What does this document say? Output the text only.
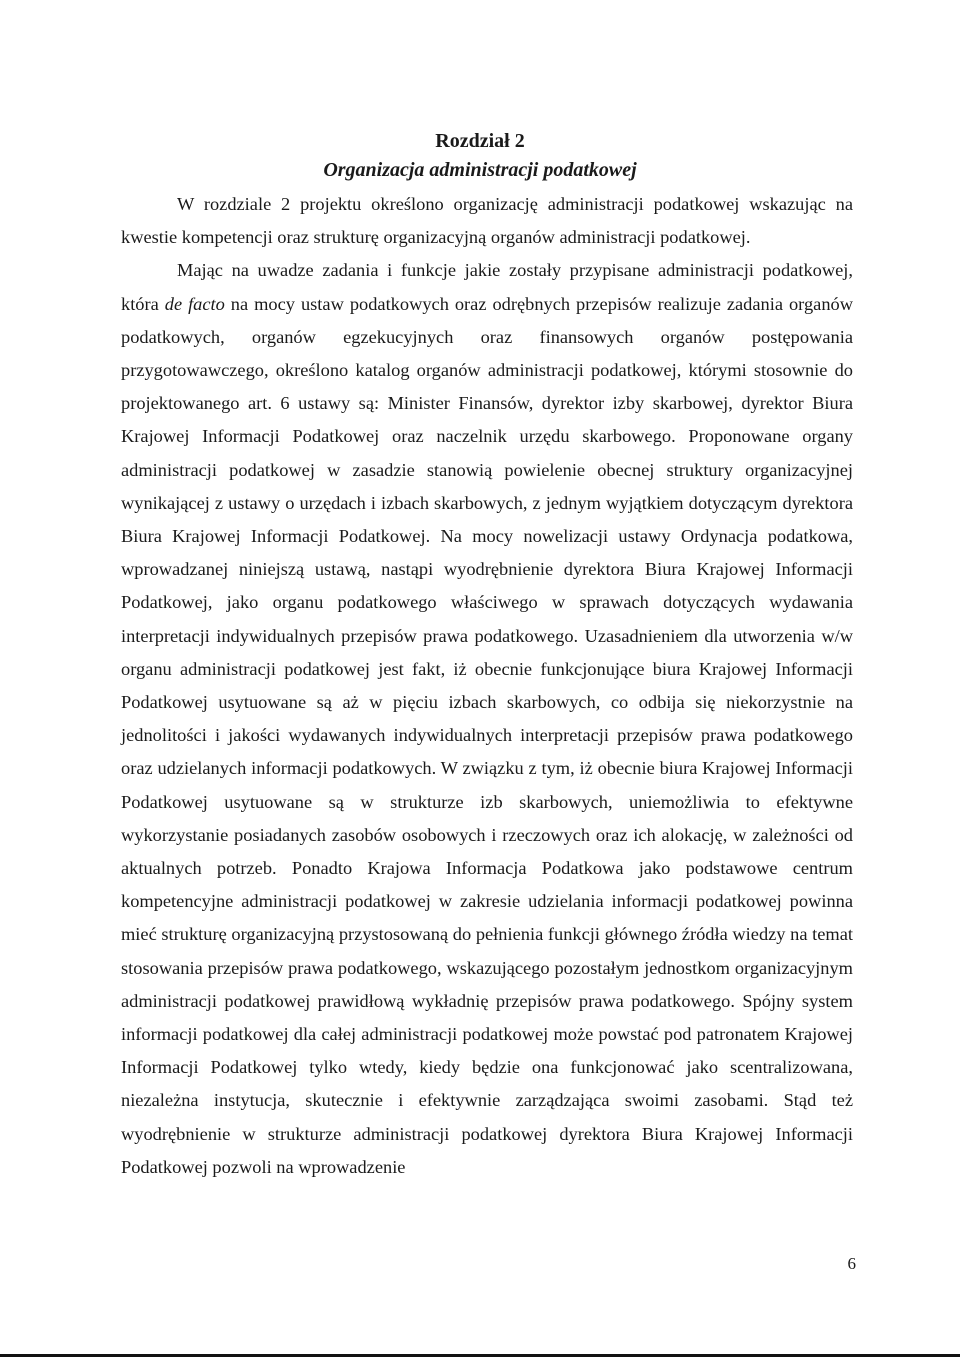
Rozdział 2
Organizacja administracji podatkowej

W rozdziale 2 projektu określono organizację administracji podatkowej wskazując na kwestie kompetencji oraz strukturę organizacyjną organów administracji podatkowej.

Mając na uwadze zadania i funkcje jakie zostały przypisane administracji podatkowej, która de facto na mocy ustaw podatkowych oraz odrębnych przepisów realizuje zadania organów podatkowych, organów egzekucyjnych oraz finansowych organów postępowania przygotowawczego, określono katalog organów administracji podatkowej, którymi stosownie do projektowanego art. 6 ustawy są: Minister Finansów, dyrektor izby skarbowej, dyrektor Biura Krajowej Informacji Podatkowej oraz naczelnik urzędu skarbowego. Proponowane organy administracji podatkowej w zasadzie stanowią powielenie obecnej struktury organizacyjnej wynikającej z ustawy o urzędach i izbach skarbowych, z jednym wyjątkiem dotyczącym dyrektora Biura Krajowej Informacji Podatkowej. Na mocy nowelizacji ustawy Ordynacja podatkowa, wprowadzanej niniejszą ustawą, nastąpi wyodrębnienie dyrektora Biura Krajowej Informacji Podatkowej, jako organu podatkowego właściwego w sprawach dotyczących wydawania interpretacji indywidualnych przepisów prawa podatkowego. Uzasadnieniem dla utworzenia w/w organu administracji podatkowej jest fakt, iż obecnie funkcjonujące biura Krajowej Informacji Podatkowej usytuowane są aż w pięciu izbach skarbowych, co odbija się niekorzystnie na jednolitości i jakości wydawanych indywidualnych interpretacji przepisów prawa podatkowego oraz udzielanych informacji podatkowych. W związku z tym, iż obecnie biura Krajowej Informacji Podatkowej usytuowane są w strukturze izb skarbowych, uniemożliwia to efektywne wykorzystanie posiadanych zasobów osobowych i rzeczowych oraz ich alokację, w zależności od aktualnych potrzeb. Ponadto Krajowa Informacja Podatkowa jako podstawowe centrum kompetencyjne administracji podatkowej w zakresie udzielania informacji podatkowej powinna mieć strukturę organizacyjną przystosowaną do pełnienia funkcji głównego źródła wiedzy na temat stosowania przepisów prawa podatkowego, wskazującego pozostałym jednostkom organizacyjnym administracji podatkowej prawidłową wykładnię przepisów prawa podatkowego. Spójny system informacji podatkowej dla całej administracji podatkowej może powstać pod patronatem Krajowej Informacji Podatkowej tylko wtedy, kiedy będzie ona funkcjonować jako scentralizowana, niezależna instytucja, skutecznie i efektywnie zarządzająca swoimi zasobami. Stąd też wyodrębnienie w strukturze administracji podatkowej dyrektora Biura Krajowej Informacji Podatkowej pozwoli na wprowadzenie

6
